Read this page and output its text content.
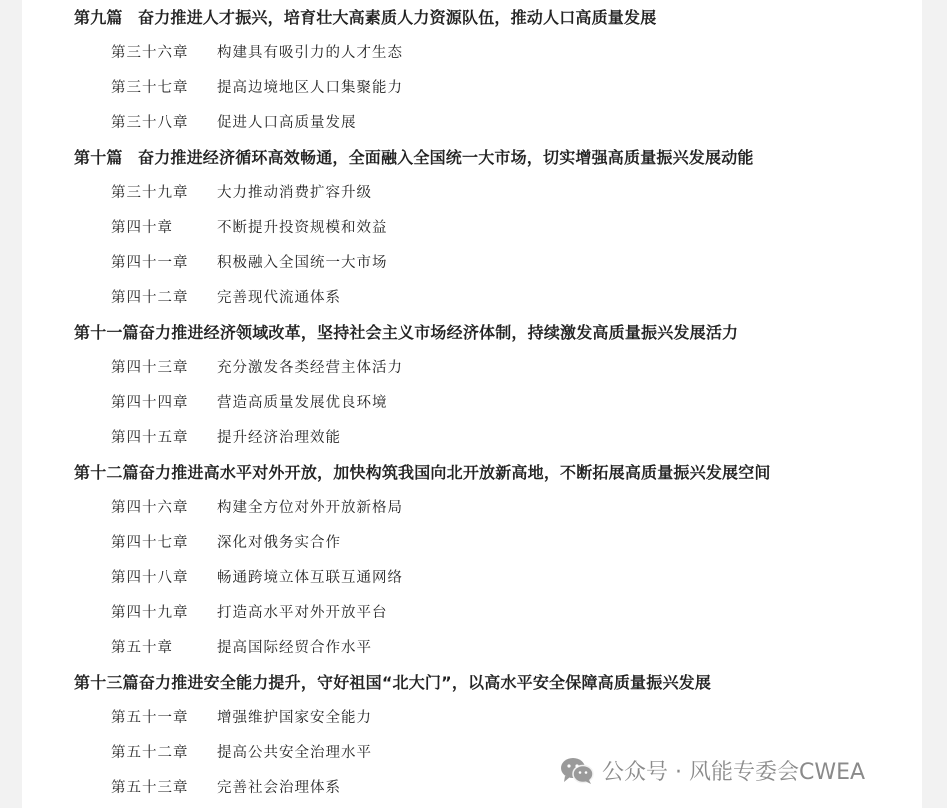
第九篇 奋力推进人才振兴，培育壮大高素质人力资源队伍，推动人口高质量发展
第三十六章 构建具有吸引力的人才生态
第三十七章 提高边境地区人口集聚能力
第三十八章 促进人口高质量发展
第十篇 奋力推进经济循环高效畅通，全面融入全国统一大市场，切实增强高质量振兴发展动能
第三十九章 大力推动消费扩容升级
第四十章	不断提升投资规模和效益
第四十一章 积极融入全国统一大市场
第四十二章 完善现代流通体系
第十一篇奋力推进经济领域改革，坚持社会主义市场经济体制，持续激发高质量振兴发展活力
第四十三章 充分激发各类经营主体活力
第四十四章 营造高质量发展优良环境
第四十五章 提升经济治理效能
第十二篇奋力推进高水平对外开放，加快构筑我国向北开放新高地，不断拓展高质量振兴发展空间
第四十六章 构建全方位对外开放新格局
第四十七章 深化对俄务实合作
第四十八章 畅通跨境立体互联互通网络
第四十九章 打造高水平对外开放平台
第五十章	提高国际经贸合作水平
第十三篇奋力推进安全能力提升，守好祖国“北大门”，以高水平安全保障高质量振兴发展
第五十一章 增强维护国家安全能力
第五十二章 提高公共安全治理水平
第五十三章 完善社会治理体系
公众号 · 风能专委会CWEA
